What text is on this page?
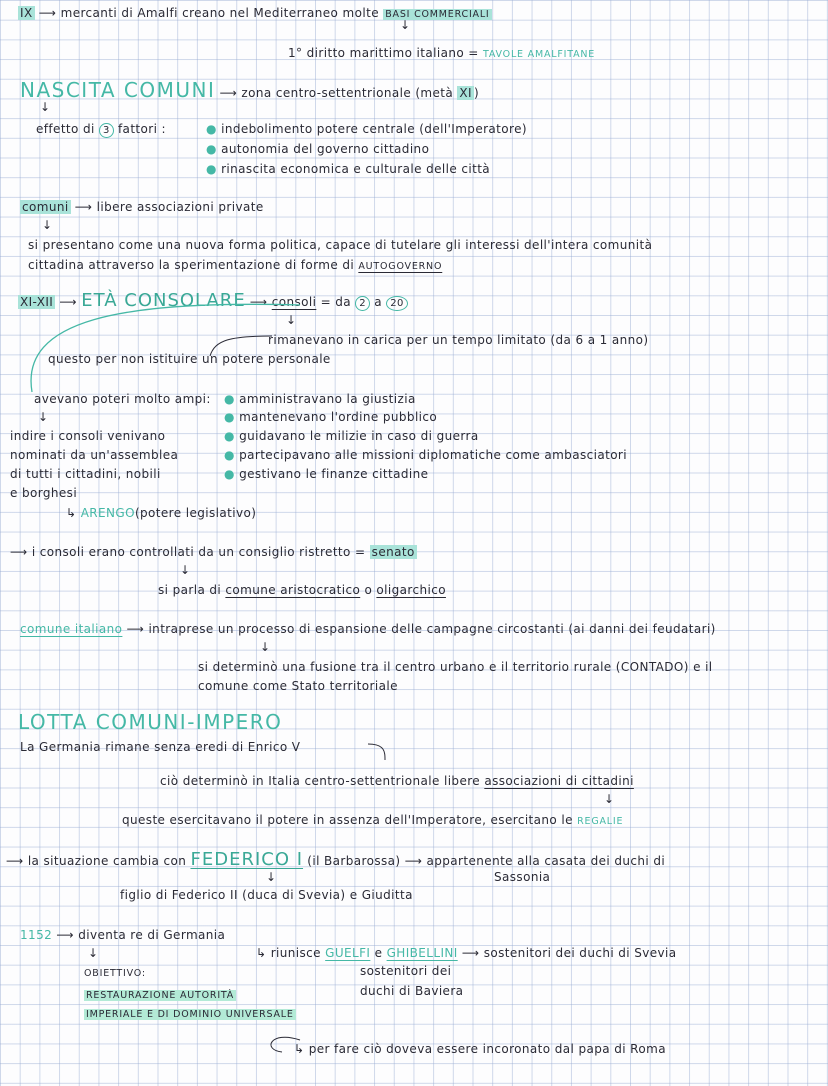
IX ⟶ mercanti di Amalfi creano nel Mediterraneo molte BASI COMMERCIALI
↓
1° diritto marittimo italiano = TAVOLE AMALFITANE
NASCITA COMUNI ⟶ zona centro-settentrionale (metà XI )
↓
effetto di 3 fattori :	● indebolimento potere centrale (dell'Imperatore)
● autonomia del governo cittadino
● rinascita economica e culturale delle città
comuni ⟶ libere associazioni private
↓
si presentano come una nuova forma politica, capace di tutelare gli interessi dell'intera comunità
cittadina attraverso la sperimentazione di forme di AUTOGOVERNO
XI-XII ⟶ ETÀ CONSOLARE ⟶ consoli = da 2 a 20
↓
rimanevano in carica per un tempo limitato (da 6 a 1 anno)
questo per non istituire un potere personale
avevano poteri molto ampi: ● amministravano la giustizia
● mantenevano l'ordine pubblico
● guidavano le milizie in caso di guerra
● partecipavano alle missioni diplomatiche come ambasciatori
● gestivano le finanze cittadine
↓
indire i consoli venivano
nominati da un'assemblea
di tutti i cittadini, nobili
e borghesi
↳ ARENGO(potere legislativo)
⟶ i consoli erano controllati da un consiglio ristretto = senato
↓
si parla di comune aristocratico o oligarchico
comune italiano ⟶ intraprese un processo di espansione delle campagne circostanti (ai danni dei feudatari)
↓
si determinò una fusione tra il centro urbano e il territorio rurale (CONTADO) e il
comune come Stato territoriale
LOTTA COMUNI-IMPERO
La Germania rimane senza eredi di Enrico V
ciò determinò in Italia centro-settentrionale libere associazioni di cittadini
↓
queste esercitavano il potere in assenza dell'Imperatore, esercitano le REGALIE
⟶ la situazione cambia con FEDERICO I (il Barbarossa) ⟶ appartenente alla casata dei duchi di
Sassonia
↓
figlio di Federico II (duca di Svevia) e Giuditta
1152 ⟶ diventa re di Germania
↳ riunisce GUELFI e GHIBELLINI ⟶ sostenitori dei duchi di Svevia
↓
OBIETTIVO:	sostenitori dei
duchi di Baviera
RESTAURAZIONE AUTORITÀ
IMPERIALE E DI DOMINIO UNIVERSALE
↳ per fare ciò doveva essere incoronato dal papa di Roma
